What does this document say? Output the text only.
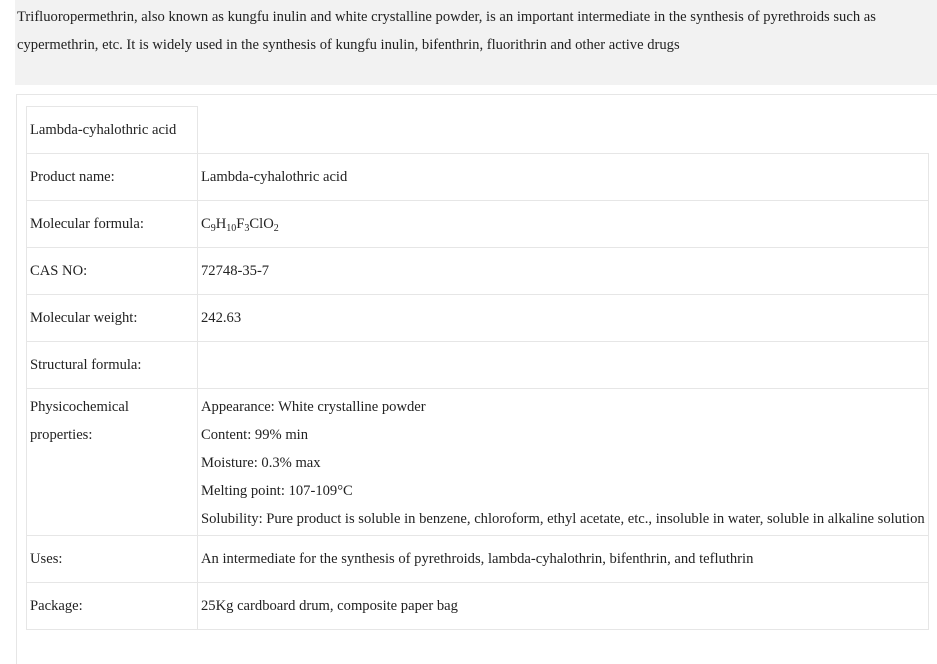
Trifluoropermethrin, also known as kungfu inulin and white crystalline powder, is an important intermediate in the synthesis of pyrethroids such as cypermethrin, etc. It is widely used in the synthesis of kungfu inulin, bifenthrin, fluorithrin and other active drugs
Lambda-cyhalothric acid	
Product name:	Lambda-cyhalothric acid
Molecular formula:	$C_9H_{10}F_3ClO_2$
CAS NO:	72748-35-7
Molecular weight:	242.63
Structural formula:	
Physicochemical properties:	Appearance: White crystalline powder
Content: 99% min
Moisture: 0.3% max
Melting point: 107-109°C
Solubility: Pure product is soluble in benzene, chloroform, ethyl acetate, etc., insoluble in water, soluble in alkaline solution

Uses:	An intermediate for the synthesis of pyrethroids, lambda-cyhalothrin, bifenthrin, and tefluthrin
Package:	25Kg cardboard drum, composite paper bag
